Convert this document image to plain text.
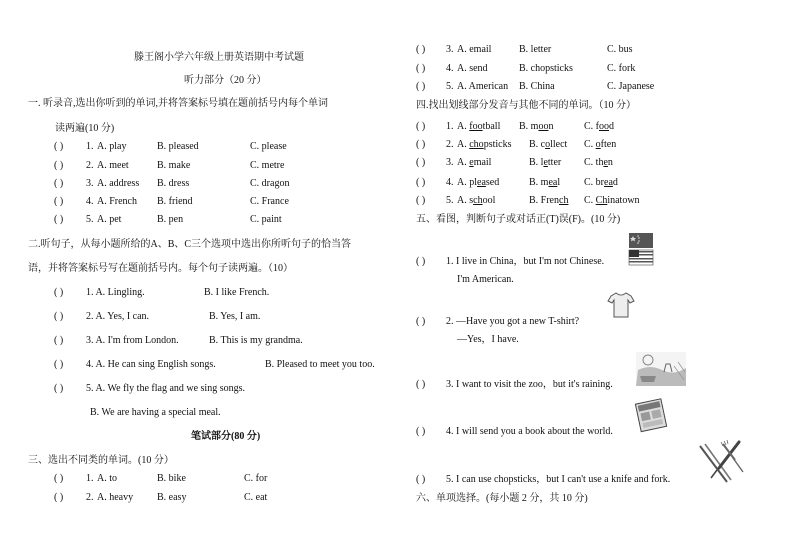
滕王阁小学六年级上册英语期中考试题
听力部分（20 分）
一. 听录音,选出你听到的单词,并将答案标号填在题前括号内每个单词
读两遍(10 分)
( ) 1. A. play	B. pleased	C. please
( ) 2. A. meet	B. make	C. metre
( ) 3. A. address B. dress	C. dragon
( ) 4. A. French B. friend	C. France
( ) 5. A. pet	B. pen	C. paint
二.听句子，从每小题所给的A、B、C三个选项中选出你所听句子的恰当答
语，并将答案标号写在题前括号内。每个句子读两遍。（10）
( ) 1. A. Lingling.	B. I like French.
( ) 2. A. Yes, I can.	B. Yes, I am.
( ) 3. A. I'm from London.	B. This is my grandma.
( ) 4. A. He can sing English songs.	B. Pleased to meet you too.
( ) 5. A. We fly the flag and we sing songs.
B. We are having a special meal.
笔试部分(80 分)
三、选出不同类的单词。(10 分）
( ) 1. A. to	B. bike	C. for
( ) 2. A. heavy B. easy	C. eat
( ) 3. A. email	B. letter	C. bus
( ) 4. A. send	B. chopsticks	C. fork
( ) 5. A. American B. China	C. Japanese
四.找出划线部分发音与其他不同的单词。（10 分）
( ) 1. A. football B. moon	C. food
( ) 2. A. chopsticks B. collect C. often
( ) 3. A. email	B. letter C. then
( ) 4. A. pleased	B. meal C. bread
( ) 5. A. school	B. French C. Chinatown
五、看图，判断句子或对话正(T)误(F)。(10 分)
( ) 1. I live in China，but I'm not Chinese.
I'm American.
( ) 2. —Have you got a new T-shirt?
—Yes，I have.
( ) 3. I want to visit the zoo，but it's raining.
( ) 4. I will send you a book about the world.
( ) 5. I can use chopsticks，but I can't use a knife and fork.
六、单项选择。(每小题 2 分，共 10 分)
